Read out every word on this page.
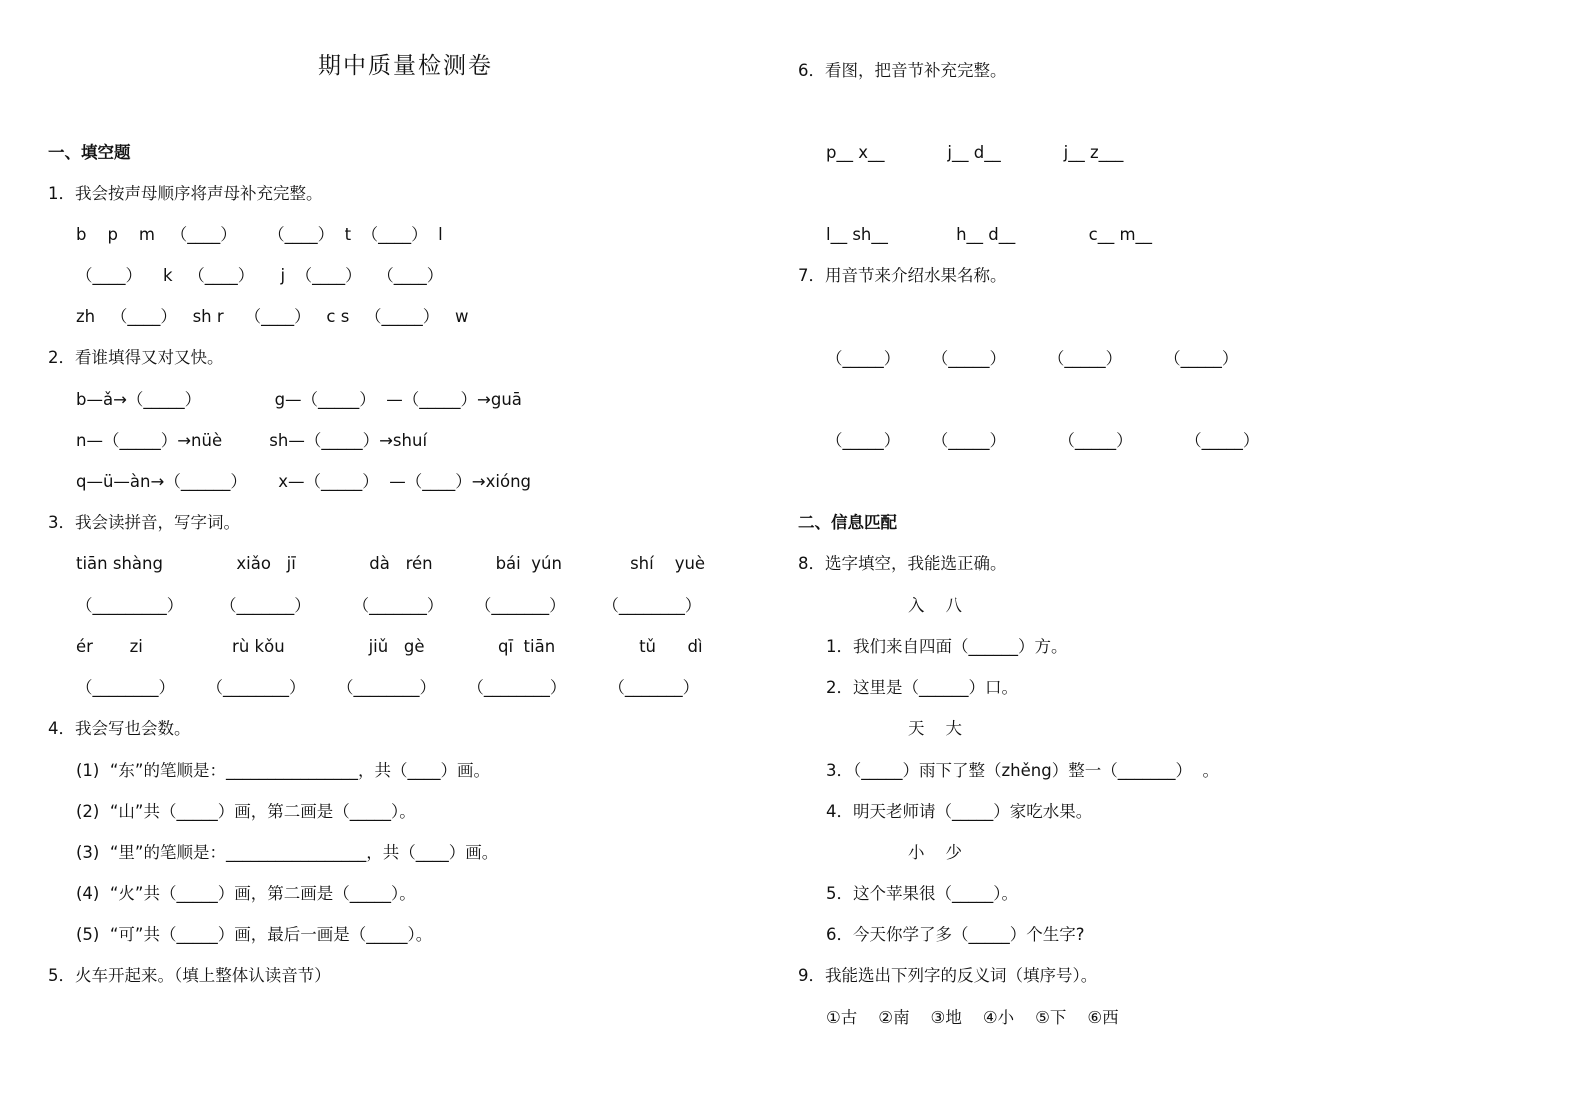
期中质量检测卷
一、填空题
1．我会按声母顺序将声母补充完整。
b    p    m   （____）      （____）  t  （____）  l
（____）    k   （____）     j  （____）   （____）
zh   （____）   sh r    （____）   c s   （_____）   w
2．看谁填得又对又快。
b—ǎ→（_____）              g—（_____）  —（_____）→guā
n—（_____）→nüè         sh—（_____）→shuí
q—ü—àn→（______）      x—（_____）  —（____）→xióng
3．我会读拼音，写字词。
tiān shàng              xiǎo   jī              dà   rén            bái  yún             shí    yuè
（_________）       （_______）        （_______）      （_______）       （________）
ér       zi                 rù kǒu                jiǔ   gè              qī  tiān                tǔ      dì
（________）      （________）      （________）      （________）        （_______）
4．我会写也会数。
(1)  “东”的笔顺是：________________，共（____）画。
(2)  “山”共（_____）画，第二画是（_____）。
(3)  “里”的笔顺是：_________________，共（____）画。
(4)  “火”共（_____）画，第二画是（_____）。
(5)  “可”共（_____）画，最后一画是（_____）。
5．火车开起来。（填上整体认读音节）
6．看图，把音节补充完整。
p__ x__            j__ d__            j__ z___
l__ sh__             h__ d__              c__ m__
7．用音节来介绍水果名称。
（_____）      （_____）        （_____）        （_____）
（_____）      （_____）          （_____）          （_____）
二、信息匹配
8．选字填空，我能选正确。
入    八
1．我们来自四面（______）方。
2．这里是（______）口。
天    大
3．（_____）雨下了整（zhěng）整一（_______）  。
4．明天老师请（_____）家吃水果。
小    少
5．这个苹果很（_____）。
6．今天你学了多（_____）个生字?
9．我能选出下列字的反义词（填序号）。
①古    ②南    ③地    ④小    ⑤下    ⑥西
